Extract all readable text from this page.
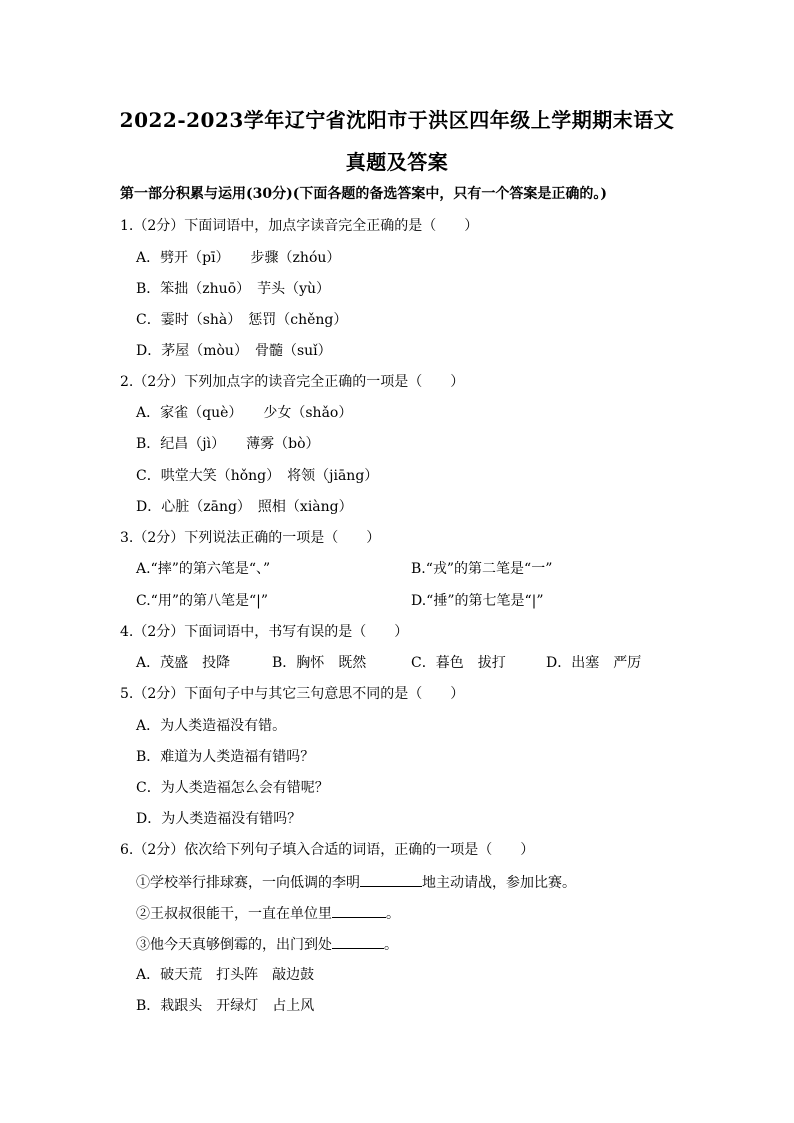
2022-2023学年辽宁省沈阳市于洪区四年级上学期期末语文
真题及答案
第一部分积累与运用(30分)(下面各题的备选答案中，只有一个答案是正确的。)
1.（2分）下面词语中，加点字读音完全正确的是（　　）
A．劈开（pī）　　步骤（zhóu）
B．笨拙（zhuō）　芋头（yù）
C．霎时（shà）　惩罚（chěng）
D．茅屋（mòu）　骨髓（suǐ）
2.（2分）下列加点字的读音完全正确的一项是（　　）
A．家雀（què）　　少女（shǎo）
B．纪昌（jì）　　薄雾（bò）
C．哄堂大笑（hǒng）　将领（jiāng）
D．心脏（zāng）　照相（xiàng）
3.（2分）下列说法正确的一项是（　　）
A.“摔”的第六笔是“、”	B.“戎”的第二笔是“一”
C.“用”的第八笔是“|”	D.“捶”的第七笔是“|”
4.（2分）下面词语中，书写有误的是（　　）
A．茂盛　投降	B．胸怀　既然	C．暮色　拔打	D．出塞　严厉
5.（2分）下面句子中与其它三句意思不同的是（　　）
A．为人类造福没有错。
B．难道为人类造福有错吗？
C．为人类造福怎么会有错呢？
D．为人类造福没有错吗？
6.（2分）依次给下列句子填入合适的词语，正确的一项是（　　）
①学校举行排球赛，一向低调的李明	地主动请战，参加比赛。
②王叔叔很能干，一直在单位里	。
③他今天真够倒霉的，出门到处	。
A．破天荒　打头阵　敲边鼓
B．栽跟头　开绿灯　占上风
